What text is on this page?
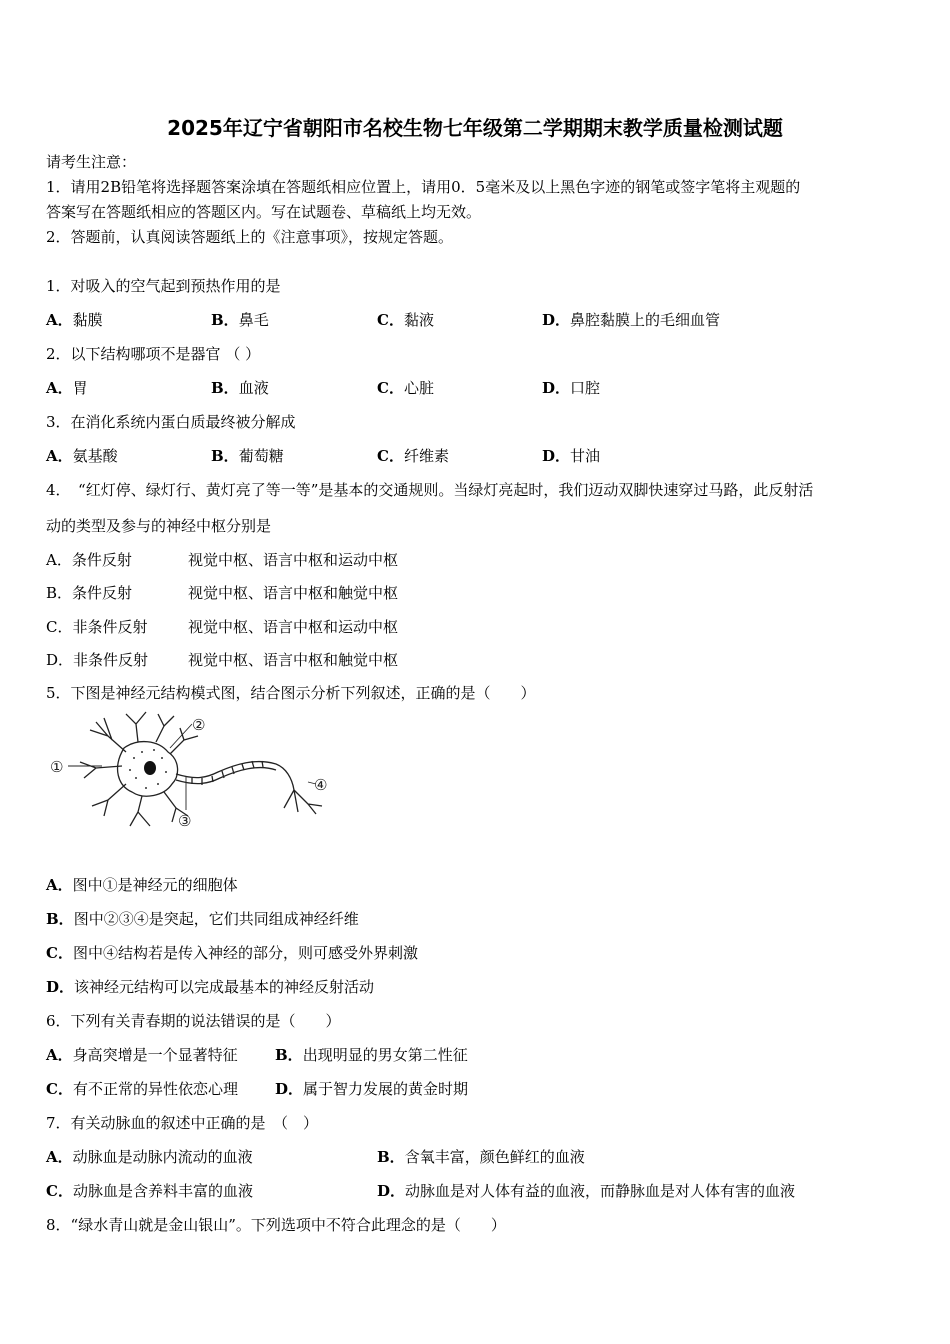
2025年辽宁省朝阳市名校生物七年级第二学期期末教学质量检测试题
请考生注意：
1．请用2B铅笔将选择题答案涂填在答题纸相应位置上，请用0．5毫米及以上黑色字迹的钢笔或签字笔将主观题的
答案写在答题纸相应的答题区内。写在试题卷、草稿纸上均无效。
2．答题前，认真阅读答题纸上的《注意事项》，按规定答题。
1．对吸入的空气起到预热作用的是
A．黏膜	B．鼻毛	C．黏液	D．鼻腔黏膜上的毛细血管
2．以下结构哪项不是器官 （ ）
A．胃	B．血液	C．心脏	D．口腔
3．在消化系统内蛋白质最终被分解成
A．氨基酸	B．葡萄糖	C．纤维素	D．甘油
4．　“红灯停、绿灯行、黄灯亮了等一等”是基本的交通规则。当绿灯亮起时，我们迈动双脚快速穿过马路，此反射活
动的类型及参与的神经中枢分别是
A．条件反射	视觉中枢、语言中枢和运动中枢
B．条件反射	视觉中枢、语言中枢和触觉中枢
C．非条件反射	视觉中枢、语言中枢和运动中枢
D．非条件反射	视觉中枢、语言中枢和触觉中枢
5．下图是神经元结构模式图，结合图示分析下列叙述，正确的是（　　）
①
②
③
④
A．图中①是神经元的细胞体
B．图中②③④是突起，它们共同组成神经纤维
C．图中④结构若是传入神经的部分，则可感受外界刺激
D．该神经元结构可以完成最基本的神经反射活动
6．下列有关青春期的说法错误的是（　　）
A．身高突增是一个显著特征 B．出现明显的男女第二性征
C．有不正常的异性依恋心理 D．属于智力发展的黄金时期
7．有关动脉血的叙述中正确的是　（　）
A．动脉血是动脉内流动的血液	B．含氧丰富，颜色鲜红的血液
C．动脉血是含养料丰富的血液	D．动脉血是对人体有益的血液，而静脉血是对人体有害的血液
8．“绿水青山就是金山银山”。下列选项中不符合此理念的是（　　）
